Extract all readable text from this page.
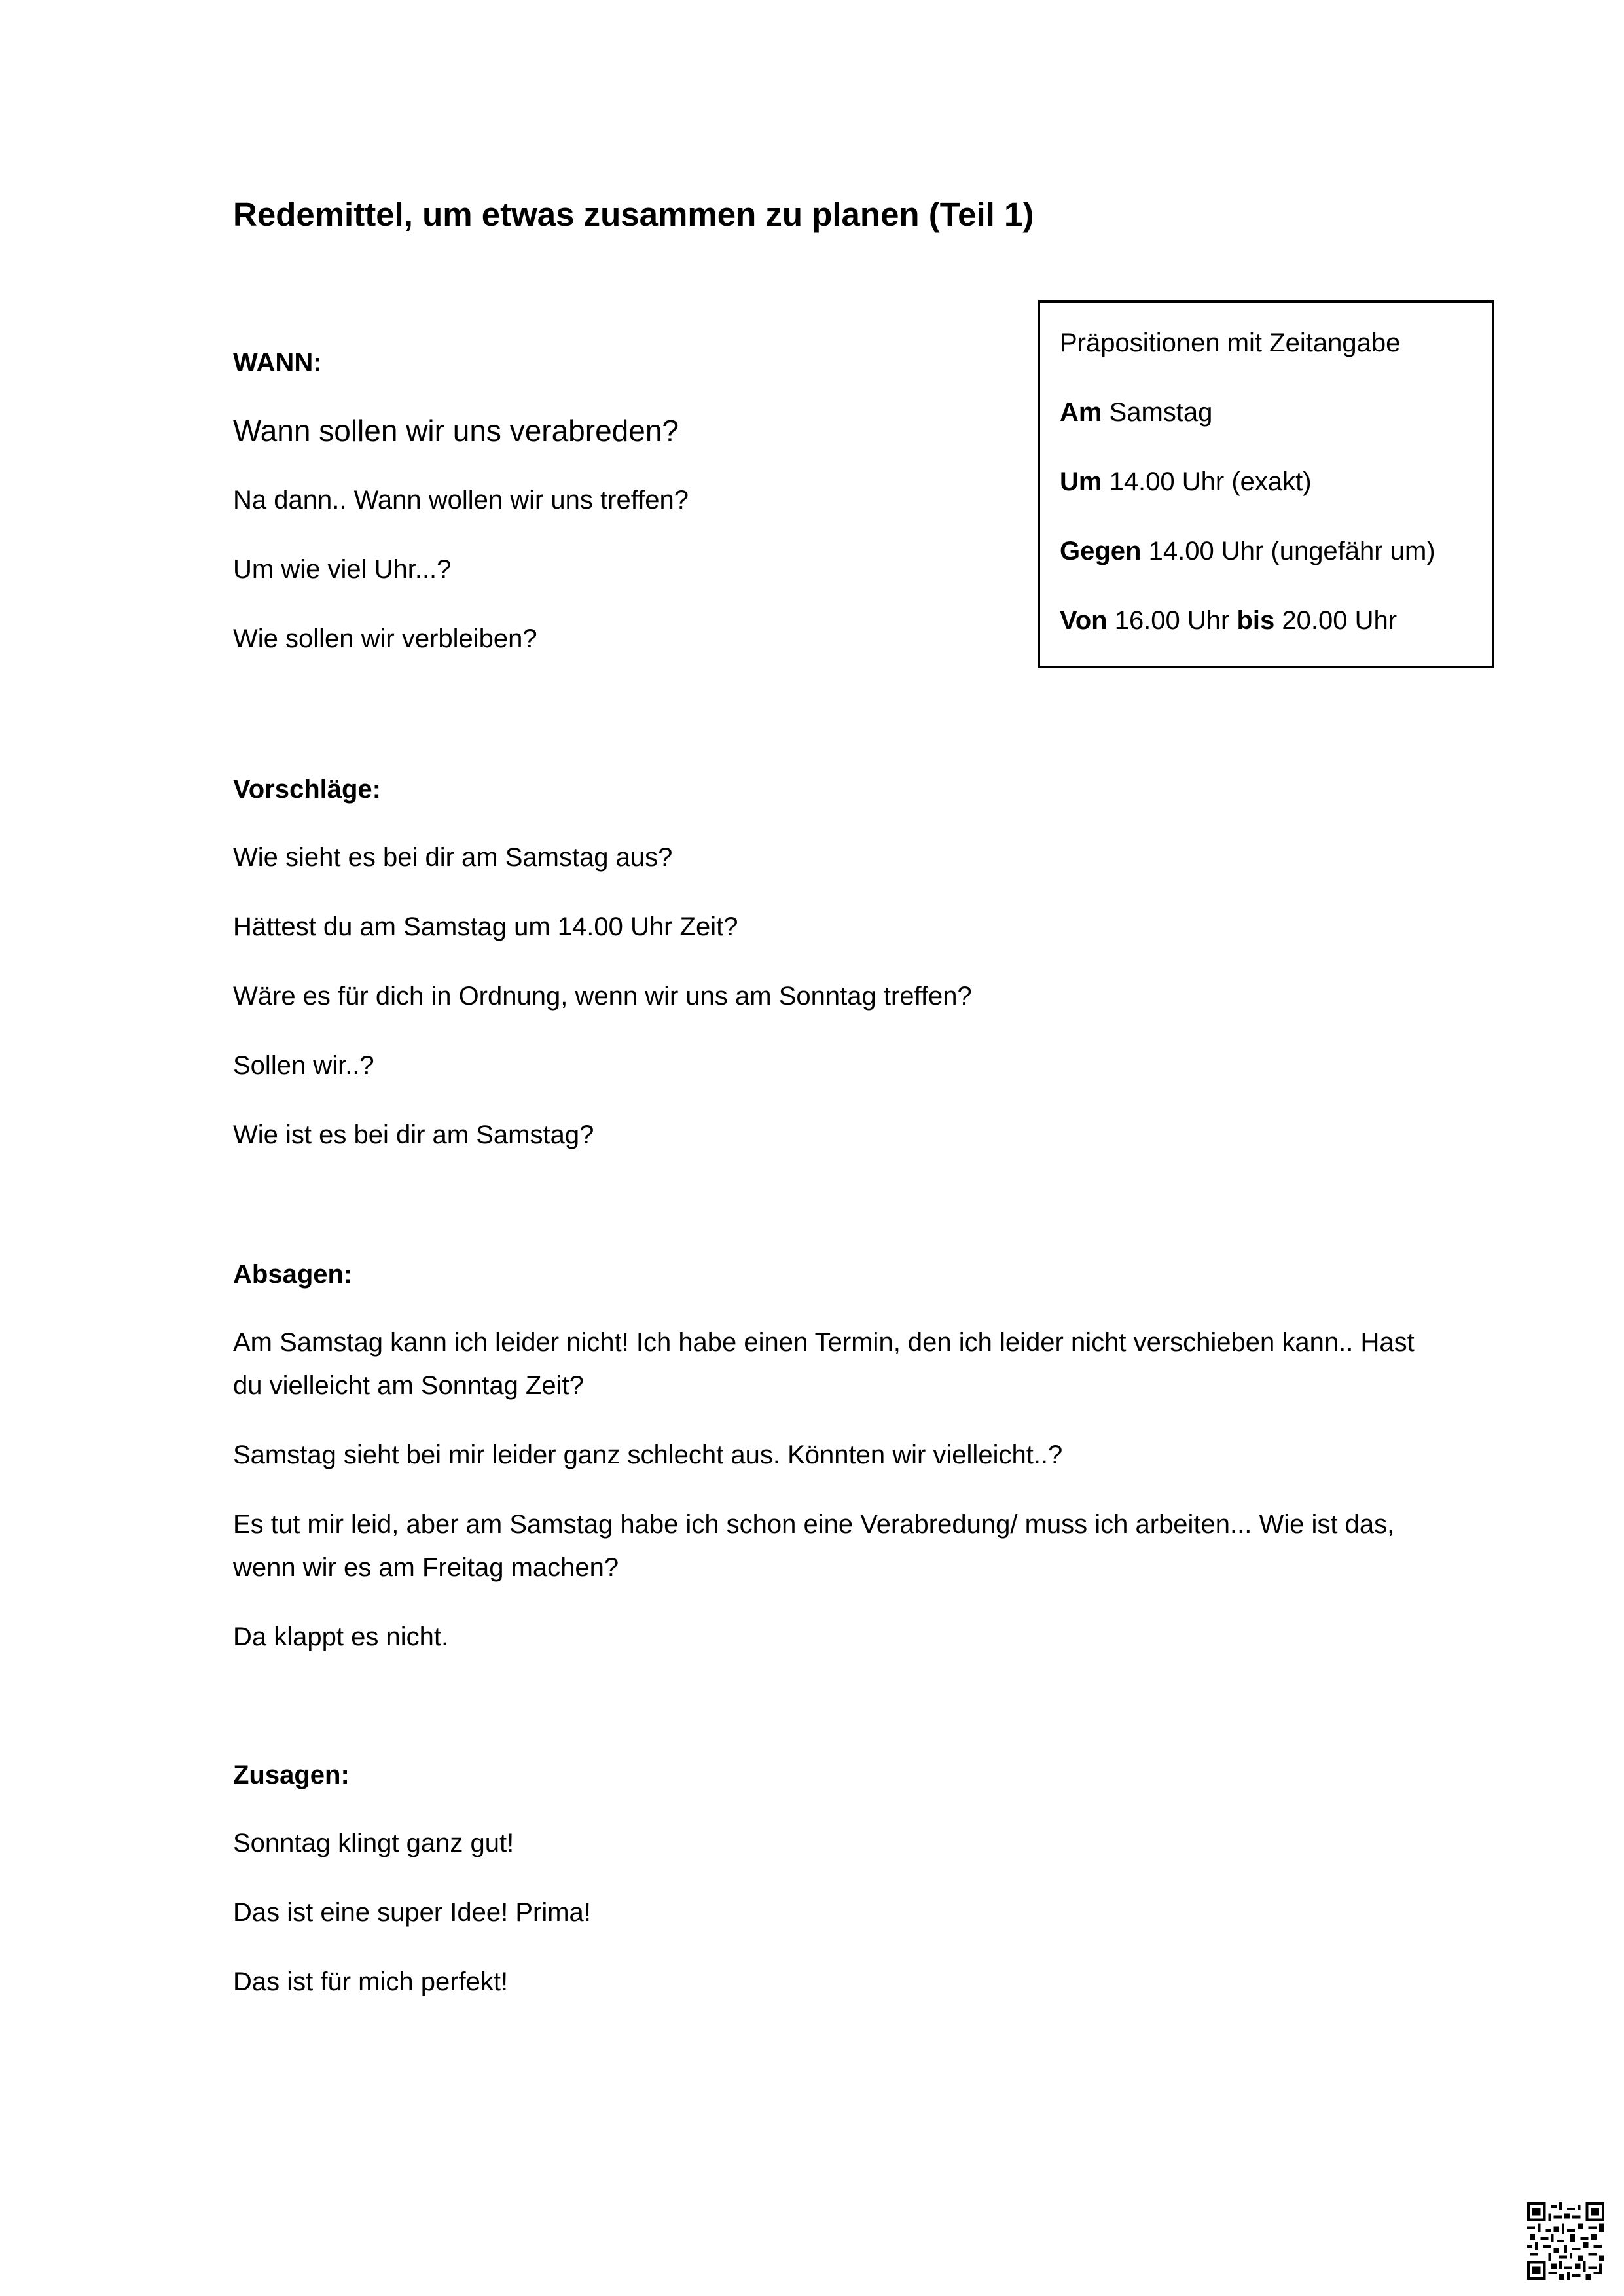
Redemittel, um etwas zusammen zu planen (Teil 1)

WANN:

Wann sollen wir uns verabreden?

Na dann.. Wann wollen wir uns treffen?

Um wie viel Uhr...?

Wie sollen wir verbleiben?

Präpositionen mit Zeitangabe

Am Samstag

Um 14.00 Uhr (exakt)

Gegen 14.00 Uhr (ungefähr um)

Von 16.00 Uhr bis 20.00 Uhr

Vorschläge:

Wie sieht es bei dir am Samstag aus?

Hättest du am Samstag um 14.00 Uhr Zeit?

Wäre es für dich in Ordnung, wenn wir uns am Sonntag treffen?

Sollen wir..?

Wie ist es bei dir am Samstag?

Absagen:

Am Samstag kann ich leider nicht! Ich habe einen Termin, den ich leider nicht verschieben kann.. Hast du vielleicht am Sonntag Zeit?

Samstag sieht bei mir leider ganz schlecht aus. Könnten wir vielleicht..?

Es tut mir leid, aber am Samstag habe ich schon eine Verabredung/ muss ich arbeiten... Wie ist das, wenn wir es am Freitag machen?

Da klappt es nicht.

Zusagen:

Sonntag klingt ganz gut!

Das ist eine super Idee! Prima!

Das ist für mich perfekt!
